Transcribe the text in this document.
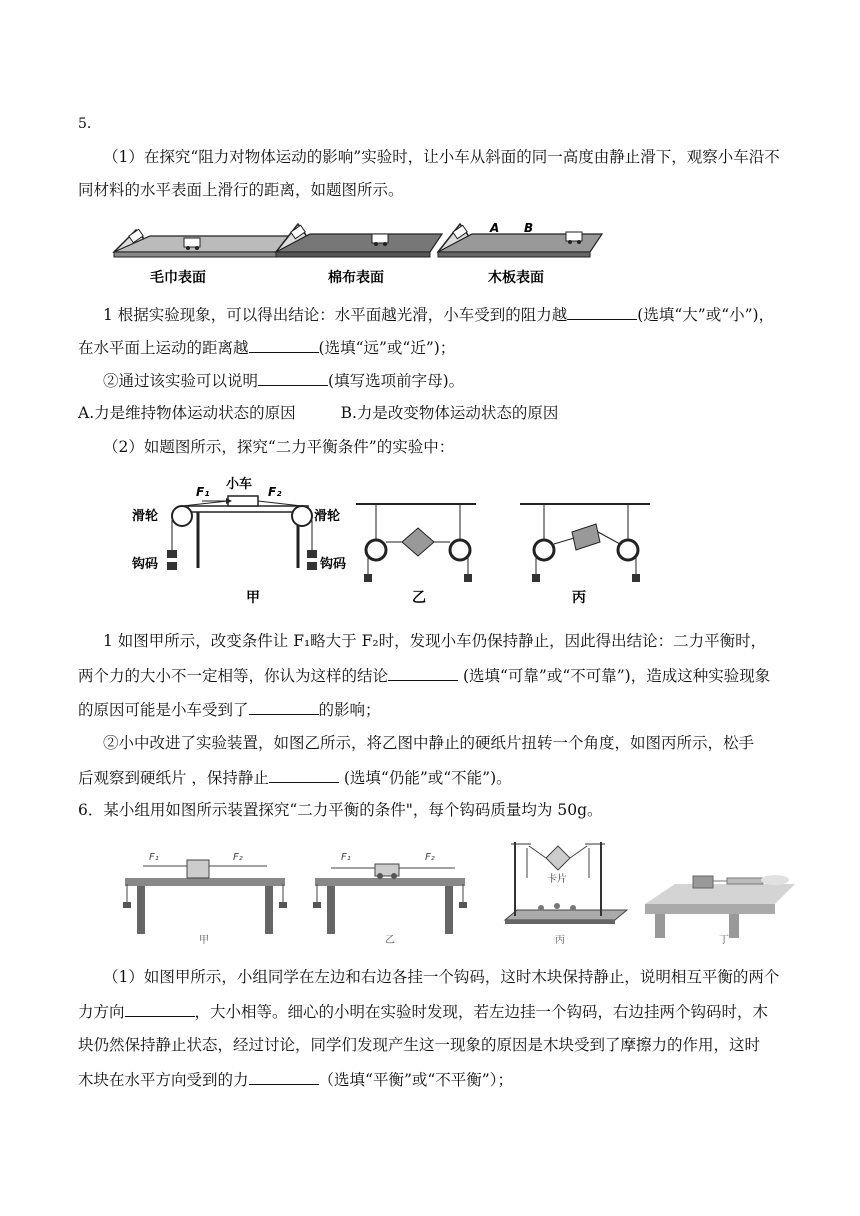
5．
（1）在探究“阻力对物体运动的影响”实验时，让小车从斜面的同一高度由静止滑下，观察小车沿不
同材料的水平表面上滑行的距离，如题图所示。
A B
毛巾表面	棉布表面	木板表面
1 根据实验现象，可以得出结论：水平面越光滑，小车受到的阻力越	(选填“大”或“小”)，
在水平面上运动的距离越	(选填“远”或“近”)；
②通过该实验可以说明	(填写选项前字母)。
A.力是维持物体运动状态的原因	B.力是改变物体运动状态的原因
（2）如题图所示，探究“二力平衡条件”的实验中：
滑轮	滑轮
小车
F₁	F₂
钩码	钩码
甲	乙	丙
1 如图甲所示，改变条件让 F₁略大于 F₂时，发现小车仍保持静止，因此得出结论：二力平衡时，
两个力的大小不一定相等，你认为这样的结论	(选填“可靠”或“不可靠”)，造成这种实验现象
的原因可能是小车受到了	的影响；
②小中改进了实验装置，如图乙所示，将乙图中静止的硬纸片扭转一个角度，如图丙所示，松手
后观察到硬纸片 ，保持静止	(选填“仍能”或“不能”)。
6．某小组用如图所示装置探究“二力平衡的条件"，每个钩码质量均为 50g。
F₁	F₂
甲
F₁	F₂
乙
卡片
丙	丁
（1）如图甲所示，小组同学在左边和右边各挂一个钩码，这时木块保持静止，说明相互平衡的两个
力方向	，大小相等。细心的小明在实验时发现，若左边挂一个钩码，右边挂两个钩码时，木
块仍然保持静止状态，经过讨论，同学们发现产生这一现象的原因是木块受到了摩擦力的作用，这时
木块在水平方向受到的力	（选填“平衡”或“不平衡”）；
